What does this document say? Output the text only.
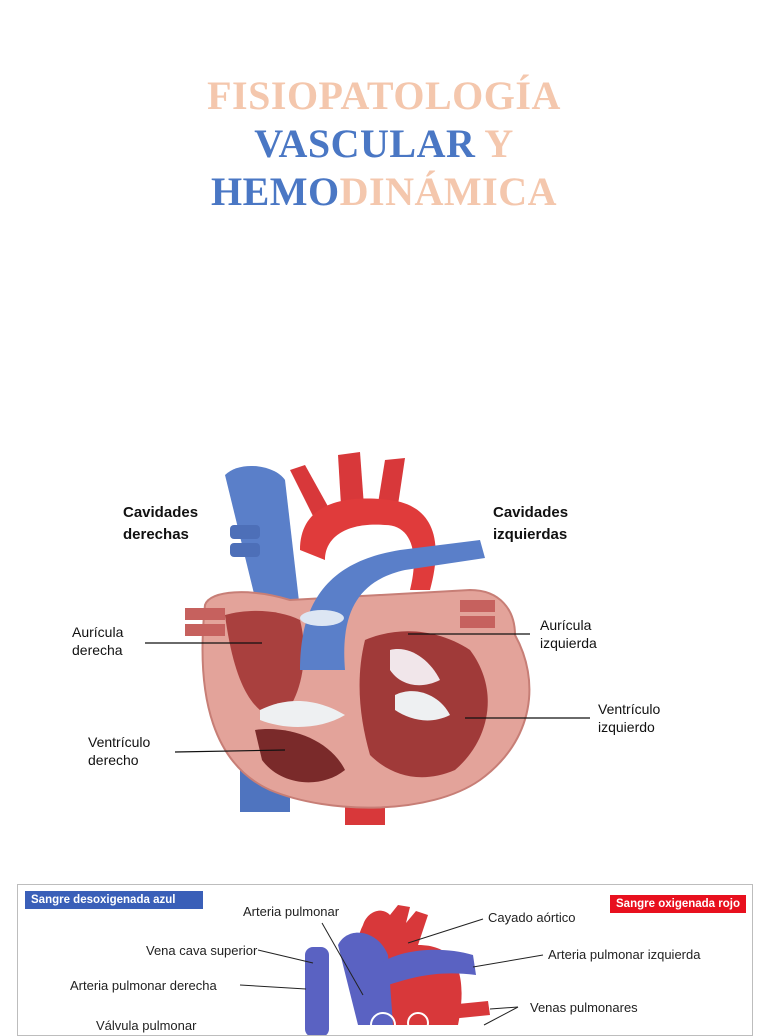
FISIOPATOLOGÍA
VASCULAR Y
HEMODINÁMICA
Cavidades
derechas
Cavidades
izquierdas
Aurícula
derecha
Aurícula
izquierda
Ventrículo
derecho
Ventrículo
izquierdo
Sangre desoxigenada azul	Sangre oxigenada rojo
Arteria pulmonar	Cayado aórtico
Vena cava superior	Arteria pulmonar izquierda
Arteria pulmonar derecha
Venas pulmonares
Válvula pulmonar
